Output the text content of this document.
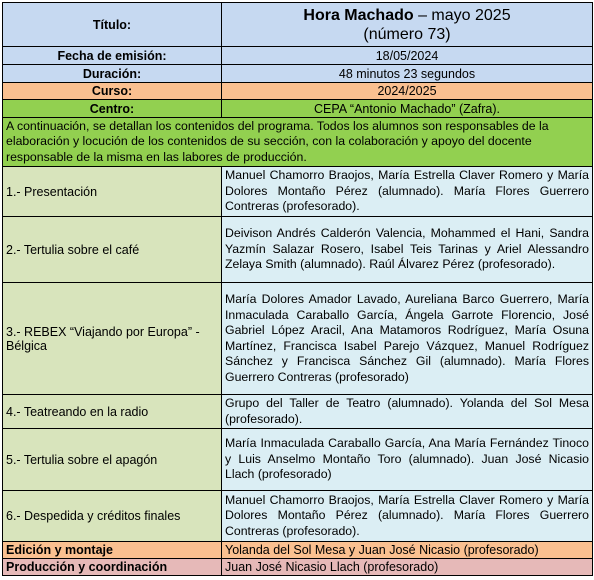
Título:	Hora Machado – mayo 2025
(número 73)
Fecha de emisión:	18/05/2024
Duración:	48 minutos 23 segundos
Curso:	2024/2025
Centro:	CEPA “Antonio Machado” (Zafra).
A continuación, se detallan los contenidos del programa. Todos los alumnos son responsables de la elaboración y locución de los contenidos de su sección, con la colaboración y apoyo del docente responsable de la misma en las labores de producción.	
1.- Presentación	Manuel Chamorro Braojos, María Estrella Claver Romero y María Dolores Montaño Pérez (alumnado). María Flores Guerrero Contreras (profesorado).
2.- Tertulia sobre el café	Deivison Andrés Calderón Valencia, Mohammed el Hani, Sandra Yazmín Salazar Rosero, Isabel Teis Tarinas y Ariel Alessandro Zelaya Smith (alumnado). Raúl Álvarez Pérez (profesorado).
3.- REBEX “Viajando por Europa” - Bélgica	María Dolores Amador Lavado, Aureliana Barco Guerrero, María Inmaculada Caraballo García, Ángela Garrote Florencio, José Gabriel López Aracil, Ana Matamoros Rodríguez, María Osuna Martínez, Francisca Isabel Parejo Vázquez, Manuel Rodríguez Sánchez y Francisca Sánchez Gil (alumnado). María Flores Guerrero Contreras (profesorado)
4.- Teatreando en la radio	Grupo del Taller de Teatro (alumnado). Yolanda del Sol Mesa (profesorado).
5.- Tertulia sobre el apagón	María Inmaculada Caraballo García, Ana María Fernández Tinoco y Luis Anselmo Montaño Toro (alumnado). Juan José Nicasio Llach (profesorado)
6.- Despedida y créditos finales	Manuel Chamorro Braojos, María Estrella Claver Romero y María Dolores Montaño Pérez (alumnado). María Flores Guerrero Contreras (profesorado).
Edición y montaje	Yolanda del Sol Mesa y Juan José Nicasio (profesorado)
Producción y coordinación	Juan José Nicasio Llach (profesorado)
